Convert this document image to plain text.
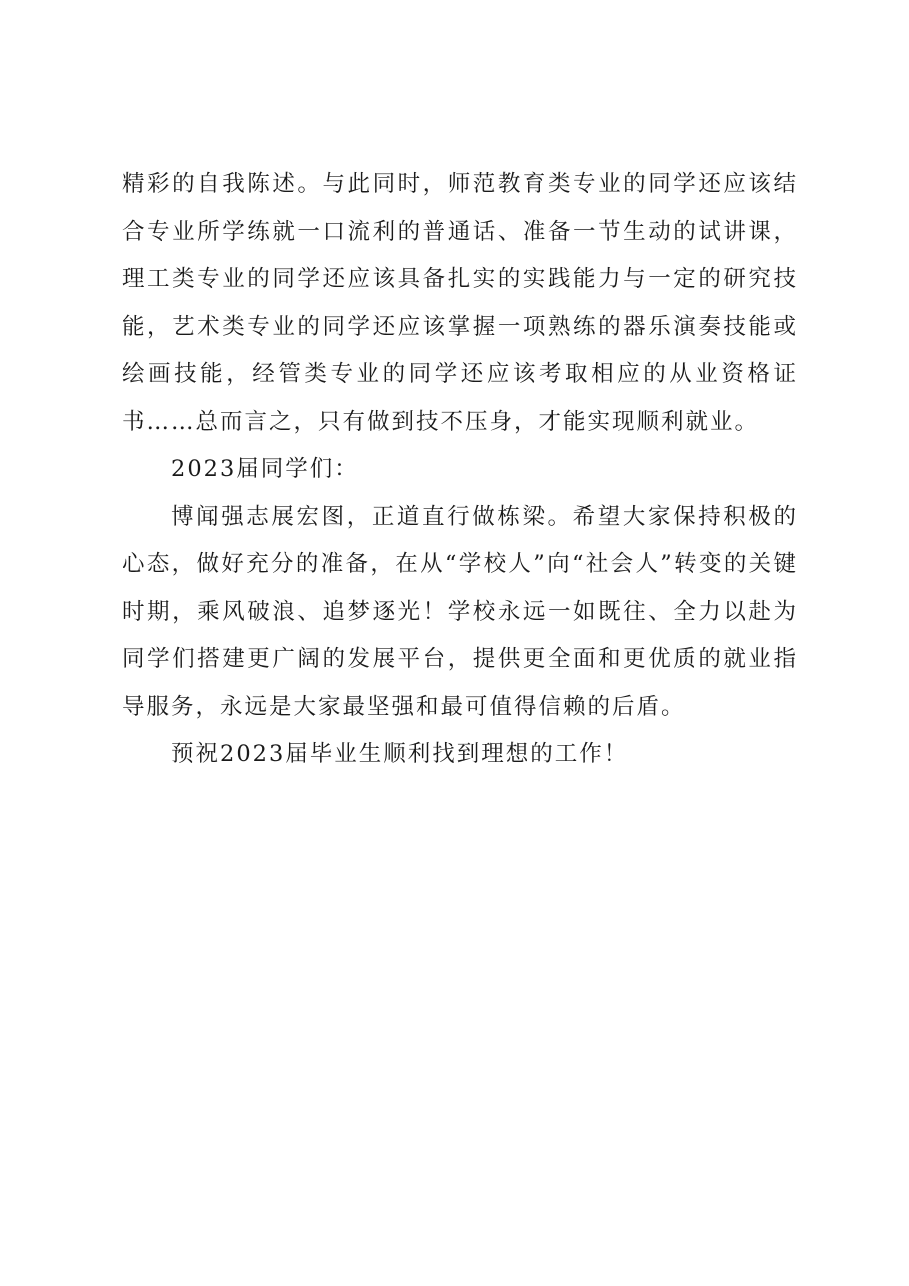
精彩的自我陈述。与此同时，师范教育类专业的同学还应该结合专业所学练就一口流利的普通话、准备一节生动的试讲课，理工类专业的同学还应该具备扎实的实践能力与一定的研究技能，艺术类专业的同学还应该掌握一项熟练的器乐演奏技能或绘画技能，经管类专业的同学还应该考取相应的从业资格证书……总而言之，只有做到技不压身，才能实现顺利就业。

2023届同学们：

博闻强志展宏图，正道直行做栋梁。希望大家保持积极的心态，做好充分的准备，在从“学校人”向“社会人”转变的关键时期，乘风破浪、追梦逐光！学校永远一如既往、全力以赴为同学们搭建更广阔的发展平台，提供更全面和更优质的就业指导服务，永远是大家最坚强和最可值得信赖的后盾。

预祝2023届毕业生顺利找到理想的工作！
